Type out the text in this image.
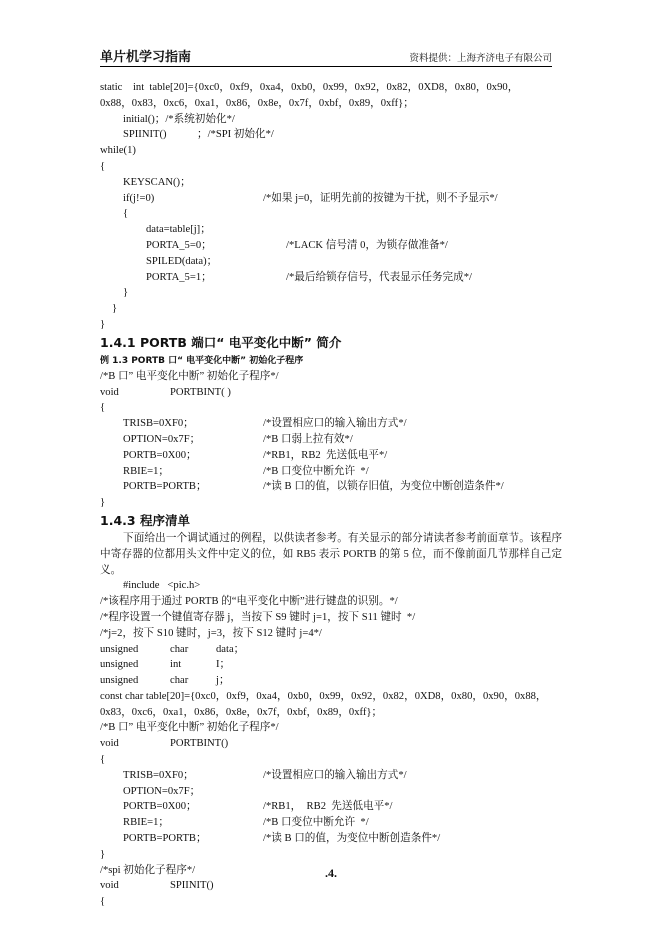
单片机学习指南	资料提供：上海齐济电子有限公司
static    int  table[20]={0xc0，0xf9，0xa4，0xb0，0x99，0x92，0x82，0XD8，0x80，0x90，
0x88，0x83，0xc6，0xa1，0x86，0x8e，0x7f，0xbf，0x89，0xff}；
initial()；/*系统初始化*/
SPIINIT()	；/*SPI 初始化*/
while(1)
{
KEYSCAN()；
if(j!=0)	/*如果 j=0，证明先前的按键为干扰，则不予显示*/
{
data=table[j]；
PORTA_5=0；	/*LACK 信号清 0，为锁存做准备*/
SPILED(data)；
PORTA_5=1；	/*最后给锁存信号，代表显示任务完成*/
}
}
}
1.4.1 PORTB 端口“ 电平变化中断” 简介
例 1.3 PORTB 口“ 电平变化中断” 初始化子程序
/*B 口” 电平变化中断” 初始化子程序*/
void	PORTBINT( )
{
TRISB=0XF0；	/*设置相应口的输入输出方式*/
OPTION=0x7F；	/*B 口弱上拉有效*/
PORTB=0X00；	/*RB1，RB2  先送低电平*/
RBIE=1；	/*B 口变位中断允许  */
PORTB=PORTB；	/*读 B 口的值，以锁存旧值，为变位中断创造条件*/
}
1.4.3 程序清单
下面给出一个调试通过的例程，以供读者参考。有关显示的部分请读者参考前面章节。该程序中寄存器的位都用头文件中定义的位，如 RB5 表示 PORTB 的第 5 位，而不像前面几节那样自己定义。
#include   <pic.h>
/*该程序用于通过 PORTB 的“电平变化中断”进行键盘的识别。*/
/*程序设置一个键值寄存器 j，当按下 S9 键时 j=1，按下 S11 键时  */
/*j=2，按下 S10 键时，j=3，按下 S12 键时 j=4*/
unsigned	char	data；
unsigned	int	I；
unsigned	char	j；
const char table[20]={0xc0，0xf9，0xa4，0xb0，0x99，0x92，0x82，0XD8，0x80，0x90，0x88，
0x83，0xc6，0xa1，0x86，0x8e，0x7f，0xbf，0x89，0xff}；
/*B 口” 电平变化中断” 初始化子程序*/
void	PORTBINT()
{
TRISB=0XF0；	/*设置相应口的输入输出方式*/
OPTION=0x7F；
PORTB=0X00；	/*RB1，  RB2  先送低电平*/
RBIE=1；	/*B 口变位中断允许  */
PORTB=PORTB；	/*读 B 口的值，为变位中断创造条件*/
}
/*spi 初始化子程序*/
void	SPIINIT()
{
.4.
